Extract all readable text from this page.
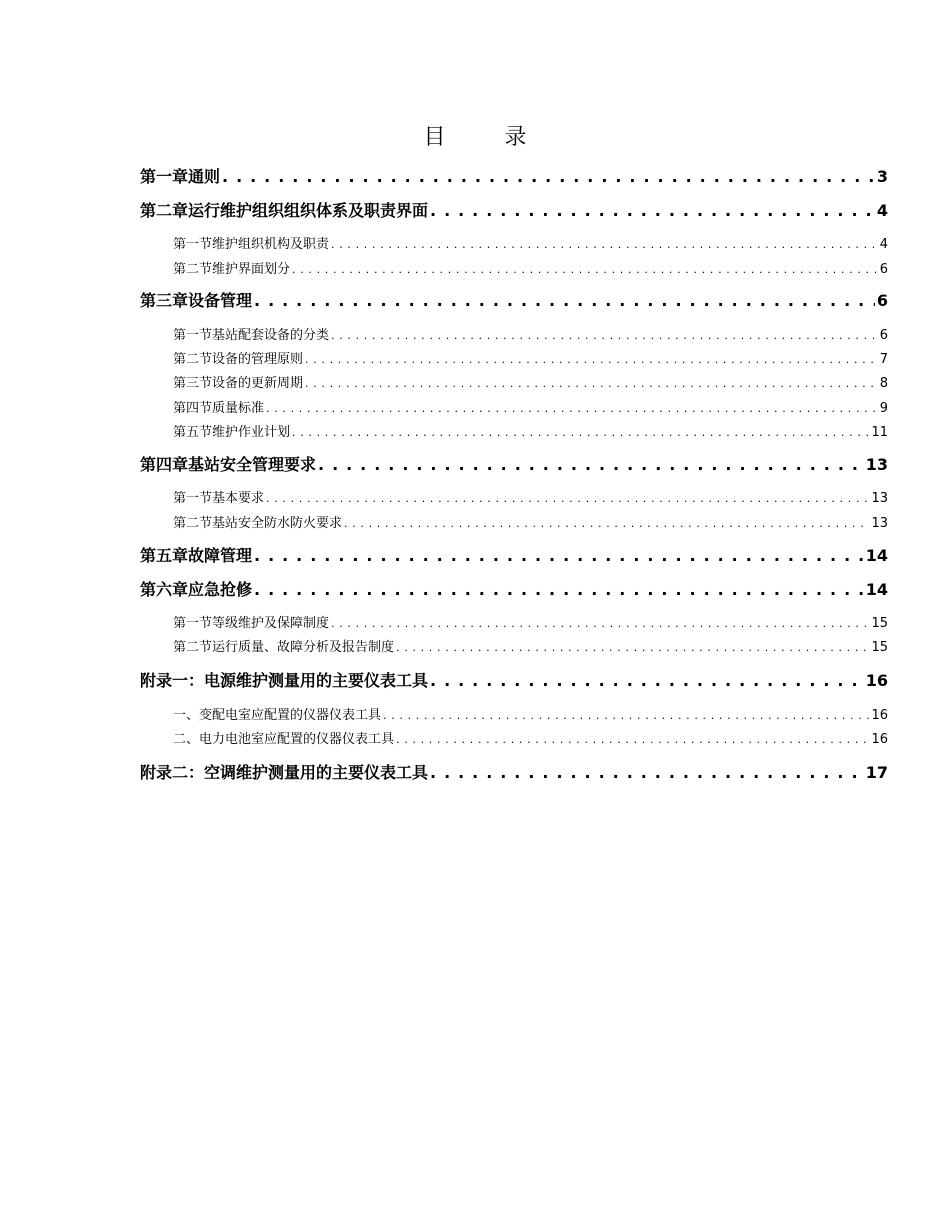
目 录
第一章 通则 . . .	3
第二章 运行维护组织组织体系及职责界面 . . .	4
第一节 维护组织机构及职责 . . .	4
第二节 维护界面划分 . . .	6
第三章 设备管理 . . .	6
第一节 基站配套设备的分类 . . .	6
第二节 设备的管理原则 . . .	7
第三节 设备的更新周期 . . .	8
第四节 质量标准 . . .	9
第五节 维护作业计划 . . .	11
第四章 基站安全管理要求 . . .	13
第一节 基本要求 . . .	13
第二节 基站安全防水防火要求 . . .	13
第五章 故障管理 . . .	14
第六章 应急抢修 . . .	14
第一节 等级维护及保障制度 . . .	15
第二节 运行质量、故障分析及报告制度 . . .	15
附录一：电源维护测量用的主要仪表工具 . . .	16
一、变配电室应配置的仪器仪表工具 . . .	16
二、电力电池室应配置的仪器仪表工具 . . .	16
附录二：空调维护测量用的主要仪表工具 . . .	17
